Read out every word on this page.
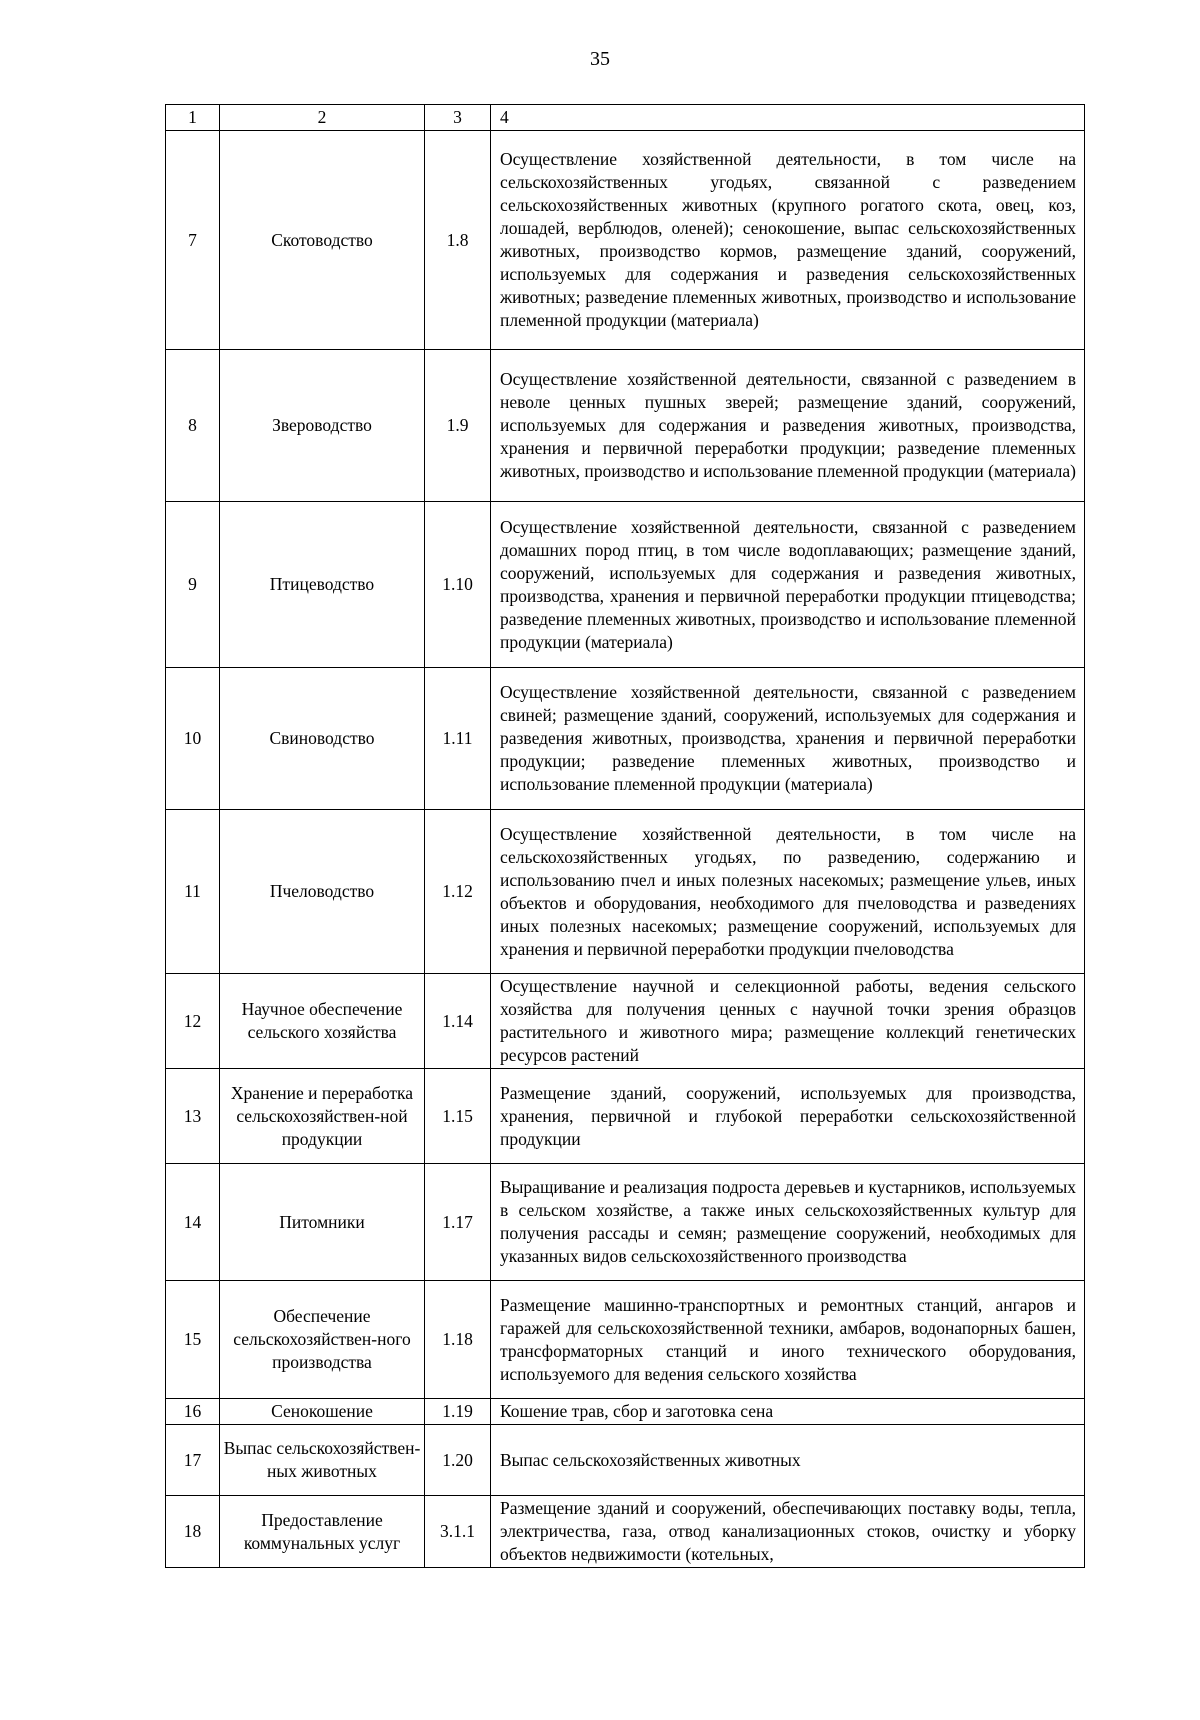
35
1	2	3	4
7	Скотоводство	1.8	Осуществление хозяйственной деятельности, в том числе на сельскохозяйственных угодьях, связанной с разведением сельскохозяйственных животных (крупного рогатого скота, овец, коз, лошадей, верблюдов, оленей); сенокошение, выпас сельскохозяйственных животных, производство кормов, размещение зданий, сооружений, используемых для содержания и разведения сельскохозяйственных животных; разведение племенных животных, производство и использование племенной продукции (материала)
8	Звероводство	1.9	Осуществление хозяйственной деятельности, связанной с разведением в неволе ценных пушных зверей; размещение зданий, сооружений, используемых для содержания и разведения животных, производства, хранения и первичной переработки продукции; разведение племенных животных, производство и использование племенной продукции (материала)
9	Птицеводство	1.10	Осуществление хозяйственной деятельности, связанной с разведением домашних пород птиц, в том числе водоплавающих; размещение зданий, сооружений, используемых для содержания и разведения животных, производства, хранения и первичной переработки продукции птицеводства; разведение племенных животных, производство и использование племенной продукции (материала)
10	Свиноводство	1.11	Осуществление хозяйственной деятельности, связанной с разведением свиней; размещение зданий, сооружений, используемых для содержания и разведения животных, производства, хранения и первичной переработки продукции; разведение племенных животных, производство и использование племенной продукции (материала)
11	Пчеловодство	1.12	Осуществление хозяйственной деятельности, в том числе на сельскохозяйственных угодьях, по разведению, содержанию и использованию пчел и иных полезных насекомых; размещение ульев, иных объектов и оборудования, необходимого для пчеловодства и разведениях иных полезных насекомых; размещение сооружений, используемых для хранения и первичной переработки продукции пчеловодства
12	Научное обеспечение сельского хозяйства	1.14	Осуществление научной и селекционной работы, ведения сельского хозяйства для получения ценных с научной точки зрения образцов растительного и животного мира; размещение коллекций генетических ресурсов растений
13	Хранение и переработка сельскохозяйствен-ной продукции	1.15	Размещение зданий, сооружений, используемых для производства, хранения, первичной и глубокой переработки сельскохозяйственной продукции
14	Питомники	1.17	Выращивание и реализация подроста деревьев и кустарников, используемых в сельском хозяйстве, а также иных сельскохозяйственных культур для получения рассады и семян; размещение сооружений, необходимых для указанных видов сельскохозяйственного производства
15	Обеспечение сельскохозяйствен-ного производства	1.18	Размещение машинно-транспортных и ремонтных станций, ангаров и гаражей для сельскохозяйственной техники, амбаров, водонапорных башен, трансформаторных станций и иного технического оборудования, используемого для ведения сельского хозяйства
16	Сенокошение	1.19	Кошение трав, сбор и заготовка сена
17	Выпас сельскохозяйствен-ных животных	1.20	Выпас сельскохозяйственных животных
18	Предоставление коммунальных услуг	3.1.1	Размещение зданий и сооружений, обеспечивающих поставку воды, тепла, электричества, газа, отвод канализационных стоков, очистку и уборку объектов недвижимости (котельных,
